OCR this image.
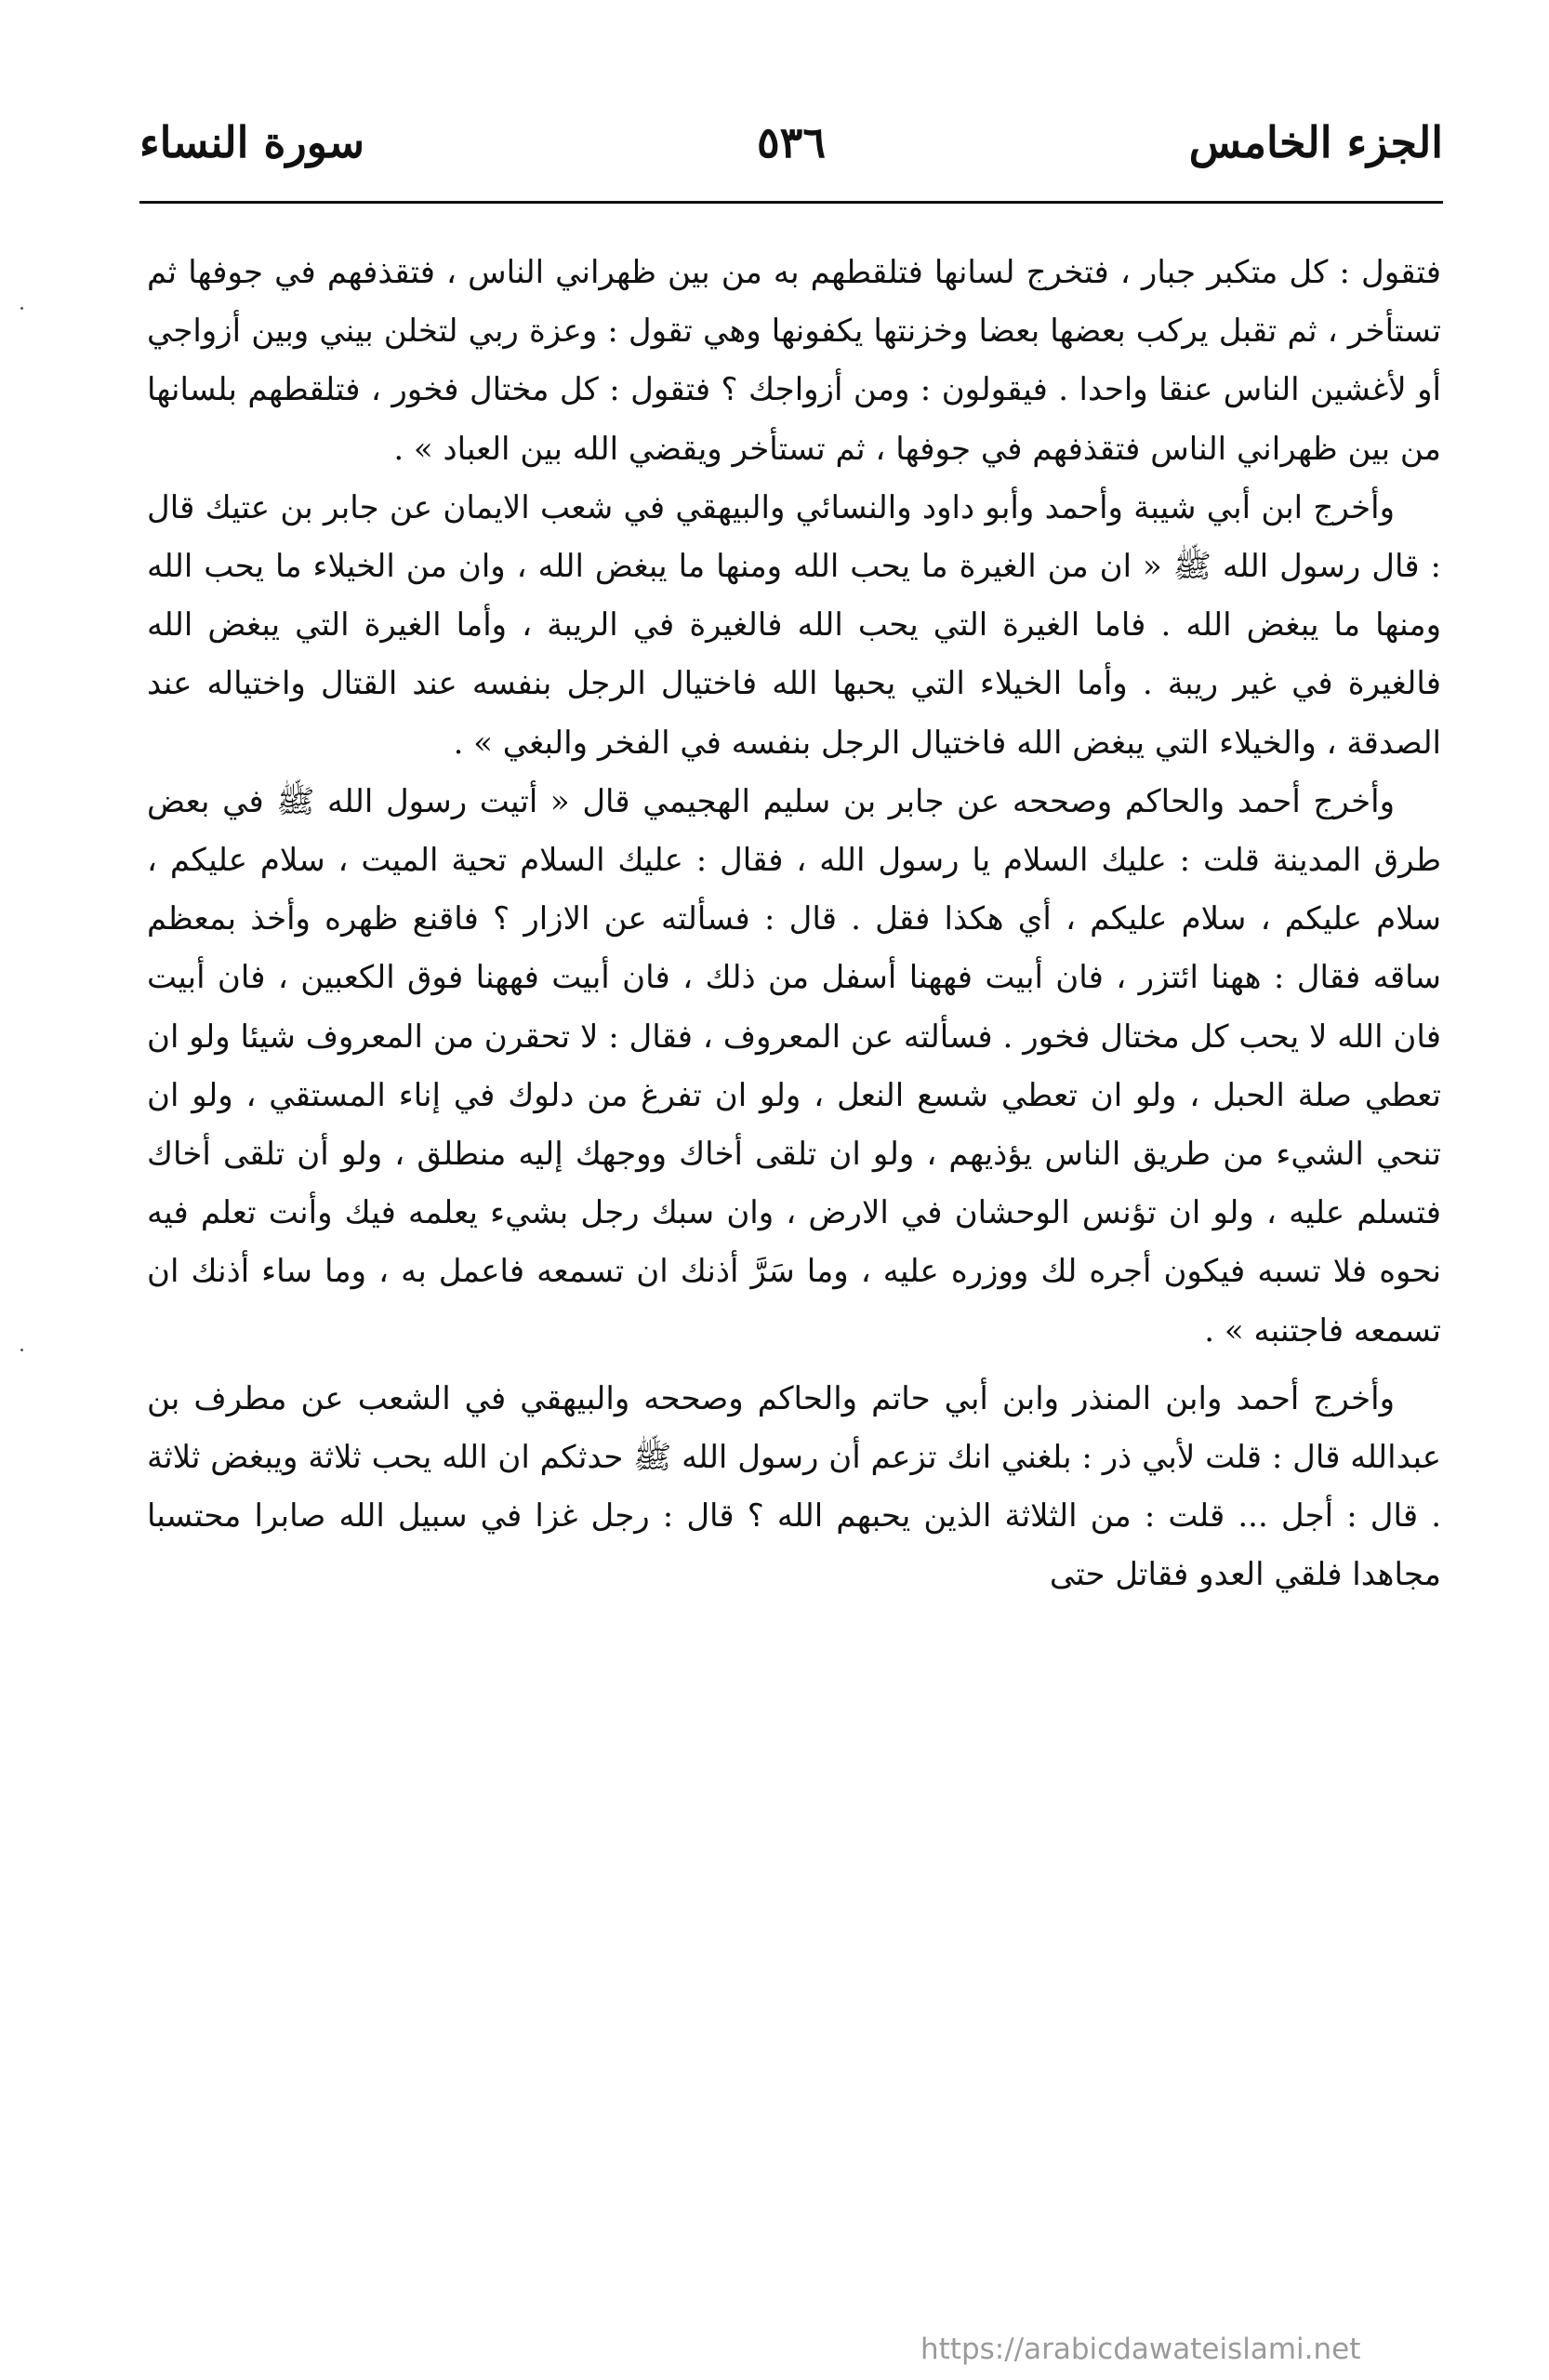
الجزء الخامس
٥٣٦
سورة النساء

فتقول : كل متكبر جبار ، فتخرج لسانها فتلقطهم به من بين ظهراني الناس ، فتقذفهم في جوفها ثم تستأخر ، ثم تقبل يركب بعضها بعضا وخزنتها يكفونها وهي تقول : وعزة ربي لتخلن بيني وبين أزواجي أو لأغشين الناس عنقا واحدا . فيقولون : ومن أزواجك ؟ فتقول : كل مختال فخور ، فتلقطهم بلسانها من بين ظهراني الناس فتقذفهم في جوفها ، ثم تستأخر ويقضي الله بين العباد » .

وأخرج ابن أبي شيبة وأحمد وأبو داود والنسائي والبيهقي في شعب الايمان عن جابر بن عتيك قال : قال رسول الله ﷺ « ان من الغيرة ما يحب الله ومنها ما يبغض الله ، وان من الخيلاء ما يحب الله ومنها ما يبغض الله . فاما الغيرة التي يحب الله فالغيرة في الريبة ، وأما الغيرة التي يبغض الله فالغيرة في غير ريبة . وأما الخيلاء التي يحبها الله فاختيال الرجل بنفسه عند القتال واختياله عند الصدقة ، والخيلاء التي يبغض الله فاختيال الرجل بنفسه في الفخر والبغي » .

وأخرج أحمد والحاكم وصححه عن جابر بن سليم الهجيمي قال « أتيت رسول الله ﷺ في بعض طرق المدينة قلت : عليك السلام يا رسول الله ، فقال : عليك السلام تحية الميت ، سلام عليكم ، سلام عليكم ، سلام عليكم ، أي هكذا فقل . قال : فسألته عن الازار ؟ فاقنع ظهره وأخذ بمعظم ساقه فقال : ههنا ائتزر ، فان أبيت فههنا أسفل من ذلك ، فان أبيت فههنا فوق الكعبين ، فان أبيت فان الله لا يحب كل مختال فخور . فسألته عن المعروف ، فقال : لا تحقرن من المعروف شيئا ولو ان تعطي صلة الحبل ، ولو ان تعطي شسع النعل ، ولو ان تفرغ من دلوك في إناء المستقي ، ولو ان تنحي الشيء من طريق الناس يؤذيهم ، ولو ان تلقى أخاك ووجهك إليه منطلق ، ولو أن تلقى أخاك فتسلم عليه ، ولو ان تؤنس الوحشان في الارض ، وان سبك رجل بشيء يعلمه فيك وأنت تعلم فيه نحوه فلا تسبه فيكون أجره لك ووزره عليه ، وما سَرَّ أذنك ان تسمعه فاعمل به ، وما ساء أذنك ان تسمعه فاجتنبه » .

وأخرج أحمد وابن المنذر وابن أبي حاتم والحاكم وصححه والبيهقي في الشعب عن مطرف بن عبدالله قال : قلت لأبي ذر : بلغني انك تزعم أن رسول الله ﷺ حدثكم ان الله يحب ثلاثة ويبغض ثلاثة . قال : أجل ... قلت : من الثلاثة الذين يحبهم الله ؟ قال : رجل غزا في سبيل الله صابرا محتسبا مجاهدا فلقي العدو فقاتل حتى

https://arabicdawateislami.net
